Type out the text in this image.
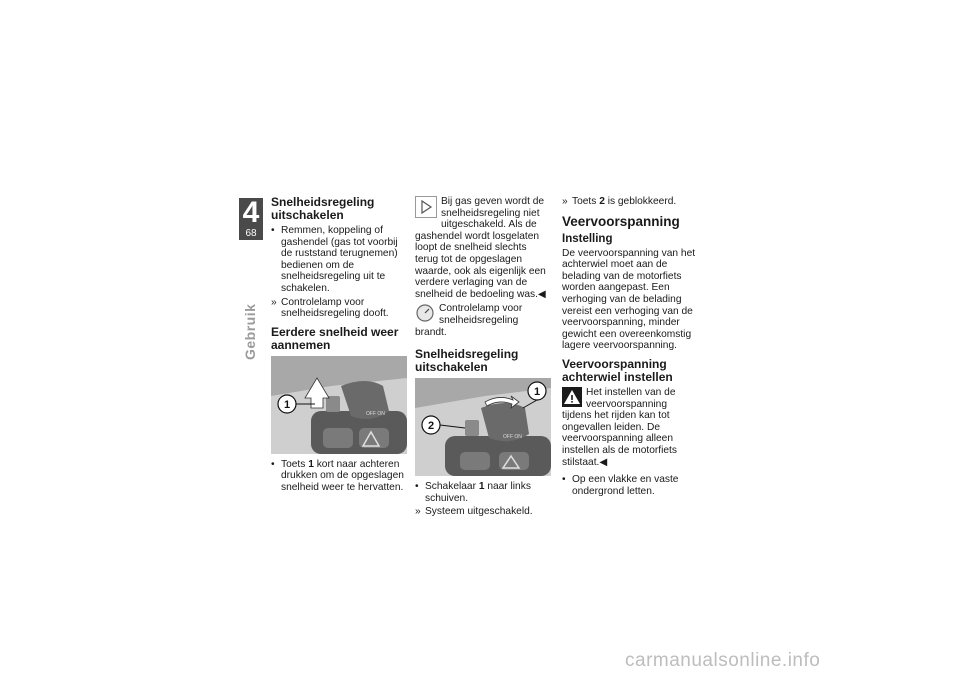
4
68
Gebruik
Snelheidsregeling uitschakelen
• Remmen, koppeling of gashendel (gas tot voorbij de ruststand terugnemen) bedienen om de snelheidsregeling uit te schakelen.
» Controlelamp voor snelheidsregeling dooft.
Eerdere snelheid weer aannemen
OFF ON
1
• Toets 1 kort naar achteren drukken om de opgeslagen snelheid weer te hervatten.
Bij gas geven wordt de snelheidsregeling niet uitgeschakeld. Als de gashendel wordt losgelaten loopt de snelheid slechts terug tot de opgeslagen waarde, ook als eigenlijk een verdere verlaging van de snelheid de bedoeling was.◀
Controlelamp voor snelheidsregeling brandt.
Snelheidsregeling uitschakelen
OFF ON
1
2
• Schakelaar 1 naar links schuiven.
» Systeem uitgeschakeld.
» Toets 2 is geblokkeerd.
Veervoorspanning
Instelling

De veervoorspanning van het achterwiel moet aan de belading van de motorfiets worden aangepast. Een verhoging van de belading vereist een verhoging van de veervoorspanning, minder gewicht een overeenkomstig lagere veervoorspanning.

Veervoorspanning achterwiel instellen
Het instellen van de veervoorspanning tijdens het rijden kan tot ongevallen leiden. De veervoorspanning alleen instellen als de motorfiets stilstaat.◀
• Op een vlakke en vaste ondergrond letten.
carmanualsonline.info
